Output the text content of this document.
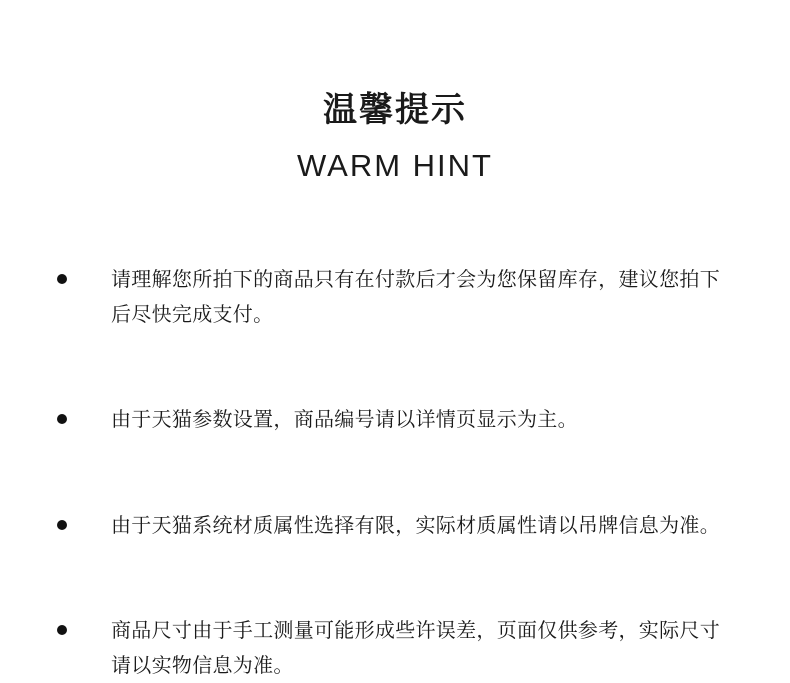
温馨提示
WARM HINT
请理解您所拍下的商品只有在付款后才会为您保留库存，建议您拍下后尽快完成支付。
由于天猫参数设置，商品编号请以详情页显示为主。
由于天猫系统材质属性选择有限，实际材质属性请以吊牌信息为准。
商品尺寸由于手工测量可能形成些许误差，页面仅供参考，实际尺寸请以实物信息为准。
